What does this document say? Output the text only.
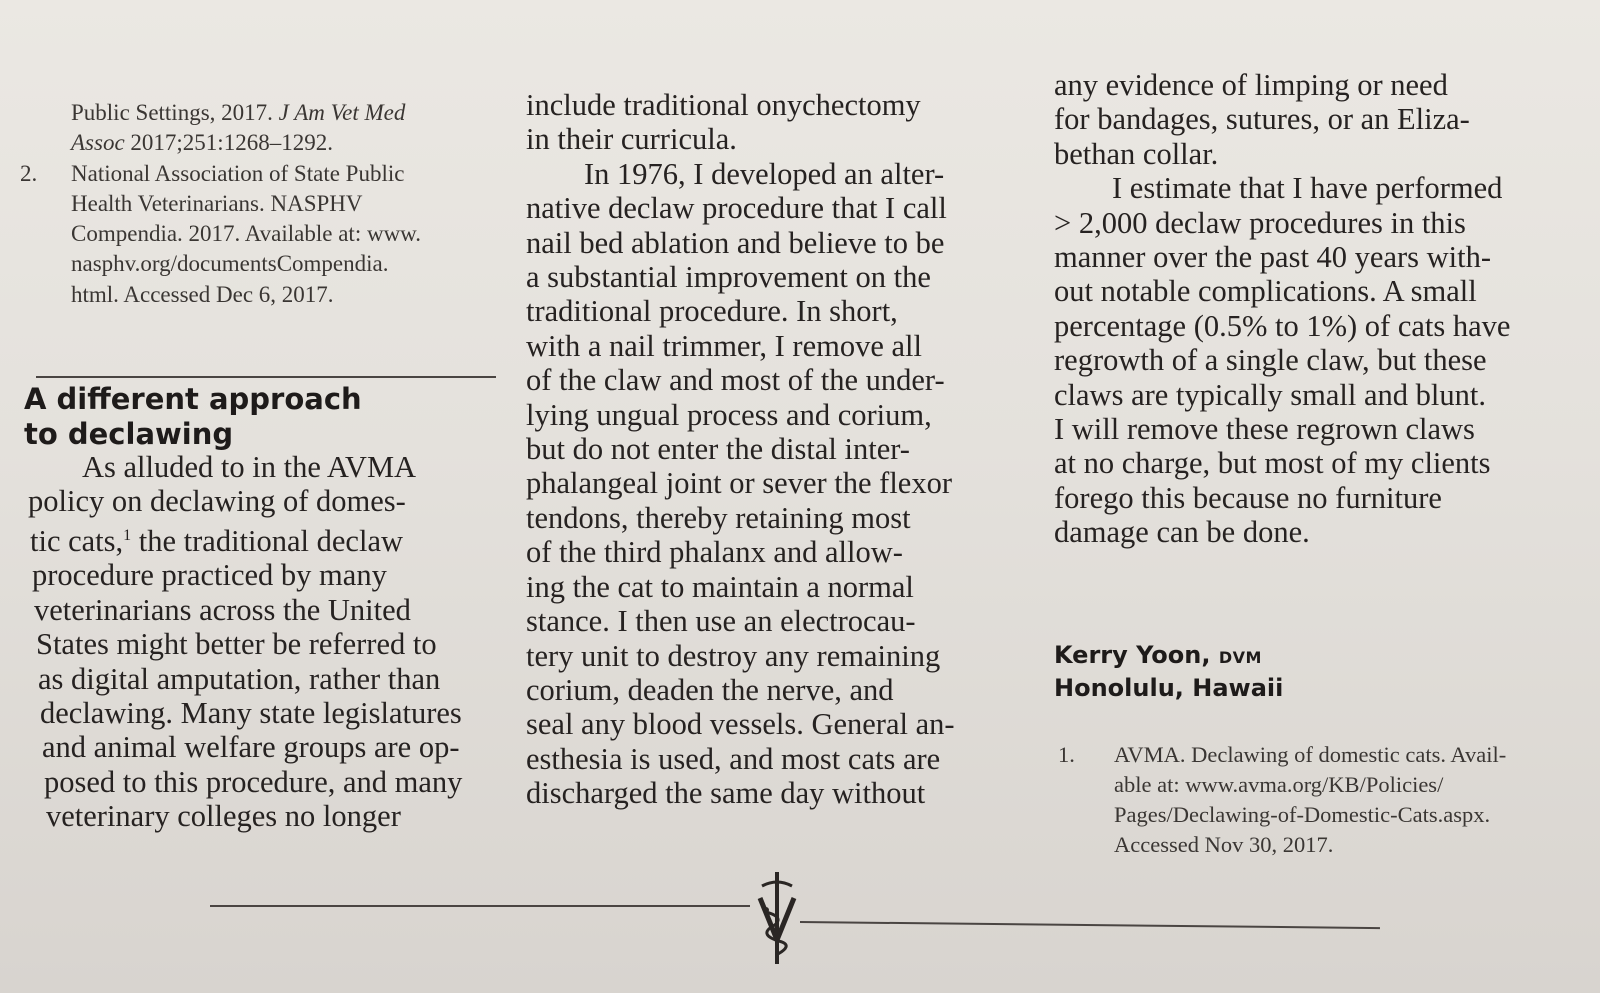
Public Settings, 2017. J Am Vet Med
Assoc 2017;251:1268–1292.
2. National Association of State Public
Health Veterinarians. NASPHV
Compendia. 2017. Available at: www.
nasphv.org/documentsCompendia.
html. Accessed Dec 6, 2017.
A different approach
to declawing
As alluded to in the AVMA
policy on declawing of domes-
tic cats,$^1$ the traditional declaw
procedure practiced by many
veterinarians across the United
States might better be referred to
as digital amputation, rather than
declawing. Many state legislatures
and animal welfare groups are op-
posed to this procedure, and many
veterinary colleges no longer
include traditional onychectomy
in their curricula.
In 1976, I developed an alter-
native declaw procedure that I call
nail bed ablation and believe to be
a substantial improvement on the
traditional procedure. In short,
with a nail trimmer, I remove all
of the claw and most of the under-
lying ungual process and corium,
but do not enter the distal inter-
phalangeal joint or sever the flexor
tendons, thereby retaining most
of the third phalanx and allow-
ing the cat to maintain a normal
stance. I then use an electrocau-
tery unit to destroy any remaining
corium, deaden the nerve, and
seal any blood vessels. General an-
esthesia is used, and most cats are
discharged the same day without
any evidence of limping or need
for bandages, sutures, or an Eliza-
bethan collar.
I estimate that I have performed
> 2,000 declaw procedures in this
manner over the past 40 years with-
out notable complications. A small
percentage (0.5% to 1%) of cats have
regrowth of a single claw, but these
claws are typically small and blunt.
I will remove these regrown claws
at no charge, but most of my clients
forego this because no furniture
damage can be done.
Kerry Yoon, DVM
Honolulu, Hawaii
1. AVMA. Declawing of domestic cats. Avail-
able at: www.avma.org/KB/Policies/
Pages/Declawing-of-Domestic-Cats.aspx.
Accessed Nov 30, 2017.
